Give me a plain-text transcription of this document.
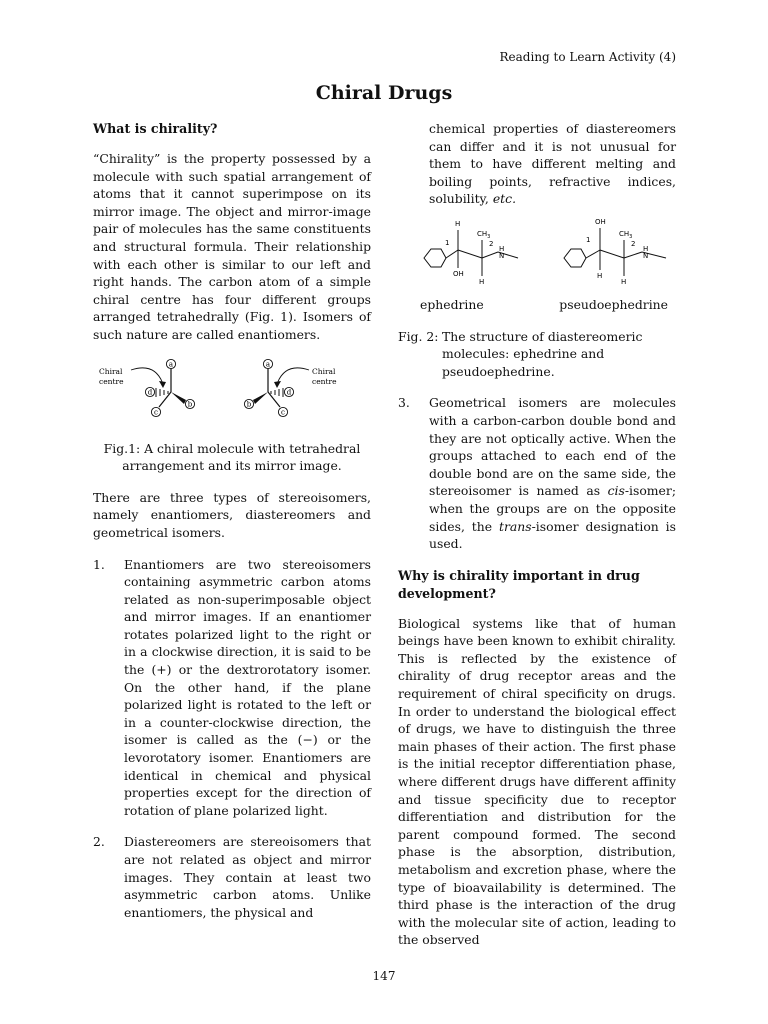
Reading to Learn Activity (4)
Chiral Drugs
What is chirality?

“Chirality” is the property possessed by a molecule with such spatial arrangement of atoms that it cannot superimpose on its mirror image. The object and mirror-image pair of molecules has the same constituents and structural formula. Their relationship with each other is similar to our left and right hands. The carbon atom of a simple chiral centre has four different groups arranged tetrahedrally (Fig. 1). Isomers of such nature are called enantiomers.

Chiral
centre
a
b
c
d
Chiral
centre
a
b
c
d
Fig.1: A chiral molecule with tetrahedral
arrangement and its mirror image.

There are three types of stereoisomers, namely enantiomers, diastereomers and geometrical isomers.

1.	Enantiomers are two stereoisomers containing asymmetric carbon atoms related as non-superimposable object and mirror images. If an enantiomer rotates polarized light to the right or in a clockwise direction, it is said to be the (+) or the dextrorotatory isomer. On the other hand, if the plane polarized light is rotated to the left or in a counter-clockwise direction, the isomer is called as the (−) or the levorotatory isomer. Enantiomers are identical in chemical and physical properties except for the direction of rotation of plane polarized light.
2.	Diastereomers are stereoisomers that are not related as object and mirror images. They contain at least two asymmetric carbon atoms. Unlike enantiomers, the physical and
chemical properties of diastereomers can differ and it is not unusual for them to have different melting and boiling points, refractive indices, solubility, etc.
H
OH
$CH_3$
H
H
N
1	2
OH
H
$CH_3$
H
H
N
1	2
ephedrine	pseudoephedrine
Fig. 2: The structure of diastereomeric
molecules: ephedrine and
pseudoephedrine.
3.	Geometrical isomers are molecules with a carbon-carbon double bond and they are not optically active. When the groups attached to each end of the double bond are on the same side, the stereoisomer is named as cis-isomer; when the groups are on the opposite sides, the trans-isomer designation is used.
Why is chirality important in drug development?

Biological systems like that of human beings have been known to exhibit chirality. This is reflected by the existence of chirality of drug receptor areas and the requirement of chiral specificity on drugs. In order to understand the biological effect of drugs, we have to distinguish the three main phases of their action. The first phase is the initial receptor differentiation phase, where different drugs have different affinity and tissue specificity due to receptor differentiation and distribution for the parent compound formed. The second phase is the absorption, distribution, metabolism and excretion phase, where the type of bioavailability is determined. The third phase is the interaction of the drug with the molecular site of action, leading to the observed

147
